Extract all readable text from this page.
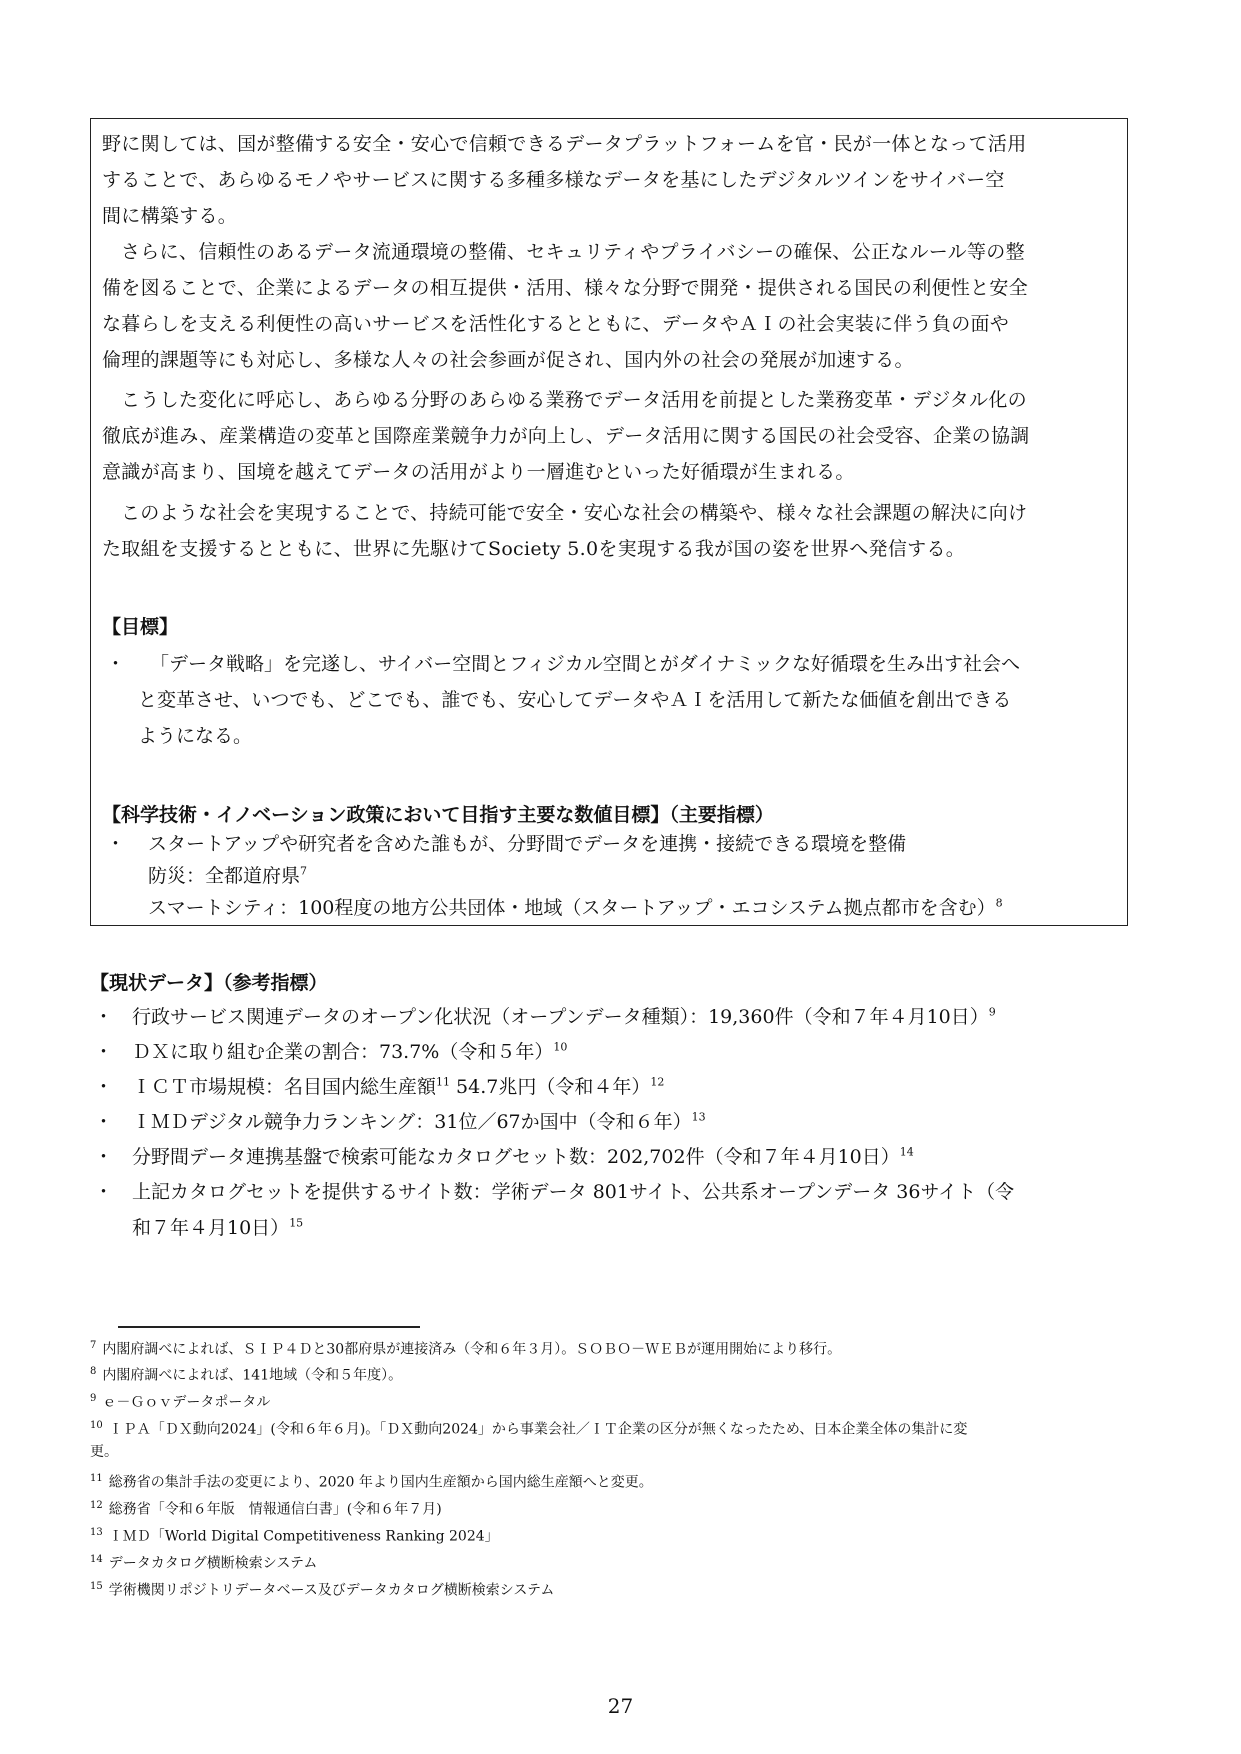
野に関しては、国が整備する安全・安心で信頼できるデータプラットフォームを官・民が一体となって活用
することで、あらゆるモノやサービスに関する多種多様なデータを基にしたデジタルツインをサイバー空
間に構築する。
さらに、信頼性のあるデータ流通環境の整備、セキュリティやプライバシーの確保、公正なルール等の整
備を図ることで、企業によるデータの相互提供・活用、様々な分野で開発・提供される国民の利便性と安全
な暮らしを支える利便性の高いサービスを活性化するとともに、データやＡＩの社会実装に伴う負の面や
倫理的課題等にも対応し、多様な人々の社会参画が促され、国内外の社会の発展が加速する。
こうした変化に呼応し、あらゆる分野のあらゆる業務でデータ活用を前提とした業務変革・デジタル化の
徹底が進み、産業構造の変革と国際産業競争力が向上し、データ活用に関する国民の社会受容、企業の協調
意識が高まり、国境を越えてデータの活用がより一層進むといった好循環が生まれる。
このような社会を実現することで、持続可能で安全・安心な社会の構築や、様々な社会課題の解決に向け
た取組を支援するとともに、世界に先駆けてSociety 5.0を実現する我が国の姿を世界へ発信する。
【目標】
・ 「データ戦略」を完遂し、サイバー空間とフィジカル空間とがダイナミックな好循環を生み出す社会へ
と変革させ、いつでも、どこでも、誰でも、安心してデータやＡＩを活用して新たな価値を創出できる
ようになる。
【科学技術・イノベーション政策において目指す主要な数値目標】（主要指標）
・ スタートアップや研究者を含めた誰もが、分野間でデータを連携・接続できる環境を整備
防災：全都道府県$^7$
スマートシティ：100程度の地方公共団体・地域（スタートアップ・エコシステム拠点都市を含む）$^8$
【現状データ】（参考指標）
・ 行政サービス関連データのオープン化状況（オープンデータ種類）：19,360件（令和７年４月10日）$^9$
・ ＤＸに取り組む企業の割合：73.7%（令和５年）$^{10}$
・ ＩＣＴ市場規模：名目国内総生産額$^{11}$ 54.7兆円（令和４年）$^{12}$
・ ＩＭＤデジタル競争力ランキング：31位／67か国中（令和６年）$^{13}$
・ 分野間データ連携基盤で検索可能なカタログセット数：202,702件（令和７年４月10日）$^{14}$
・ 上記カタログセットを提供するサイト数：学術データ 801サイト、公共系オープンデータ 36サイト（令
和７年４月10日）$^{15}$
$^7$ 内閣府調べによれば、ＳＩＰ４Ｄと30都府県が連接済み（令和６年３月）。ＳＯＢＯ－ＷＥＢが運用開始により移行。
$^8$ 内閣府調べによれば、141地域（令和５年度）。
$^9$ ｅ－Ｇｏｖデータポータル
$^{10}$ ＩＰＡ「ＤＸ動向2024」(令和６年６月)。「ＤＸ動向2024」から事業会社／ＩＴ企業の区分が無くなったため、日本企業全体の集計に変
更。
$^{11}$ 総務省の集計手法の変更により、2020 年より国内生産額から国内総生産額へと変更。
$^{12}$ 総務省「令和６年版　情報通信白書」(令和６年７月)
$^{13}$ ＩＭＤ「World Digital Competitiveness Ranking 2024」
$^{14}$ データカタログ横断検索システム
$^{15}$ 学術機関リポジトリデータベース及びデータカタログ横断検索システム
27
